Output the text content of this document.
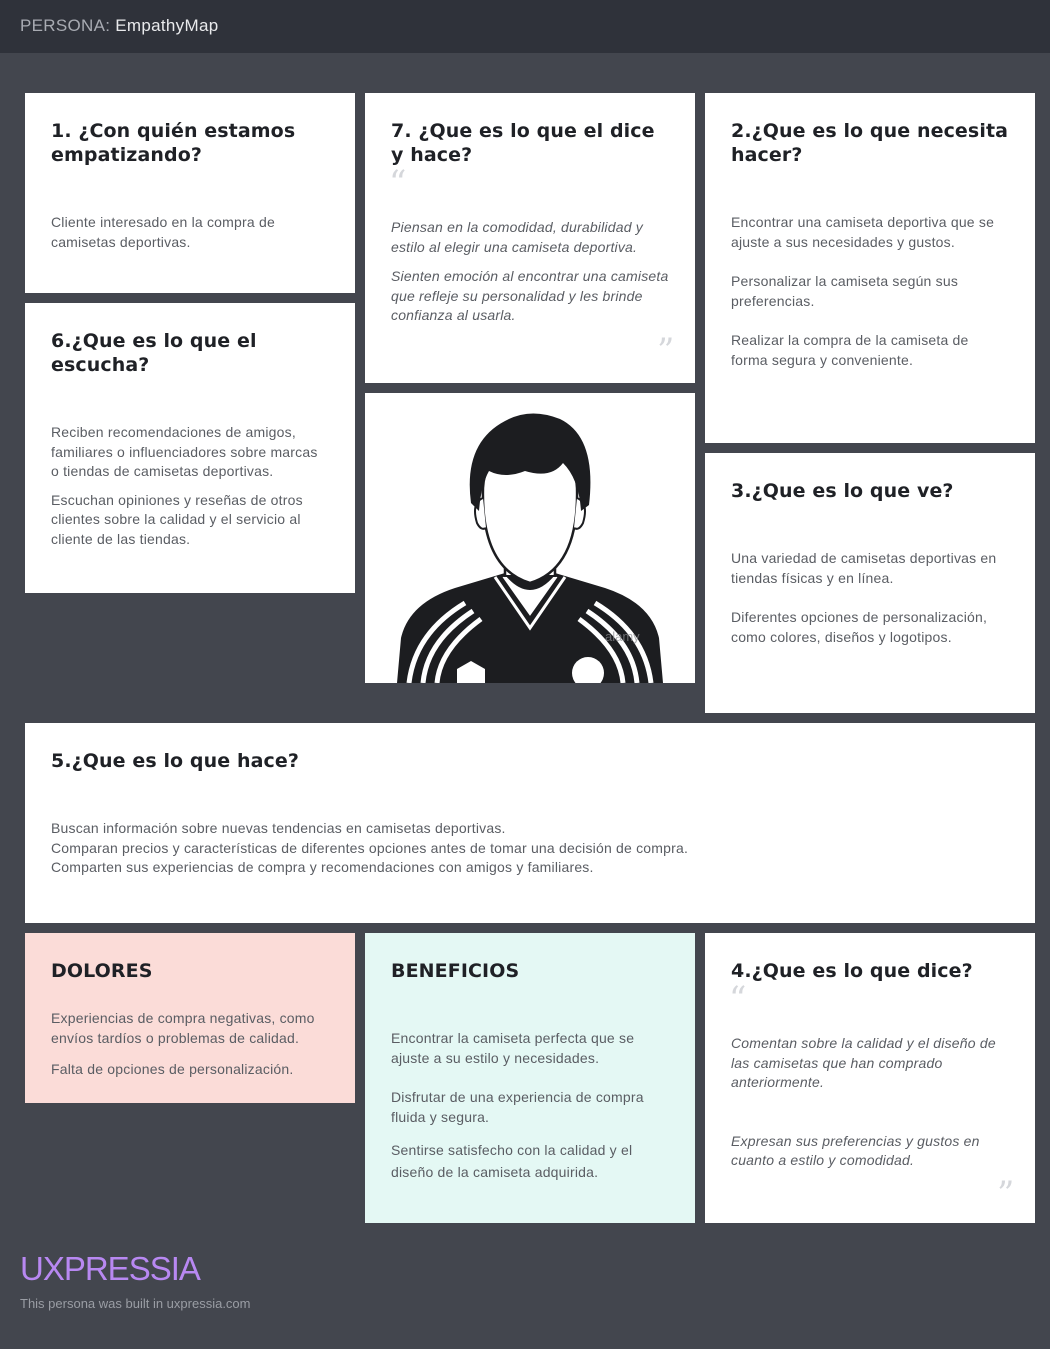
PERSONA: EmpathyMap
1. ¿Con quién estamos empatizando?

Cliente interesado en la compra de camisetas deportivas.

7. ¿Que es lo que el dice y hace?
“

Piensan en la comodidad, durabilidad y estilo al elegir una camiseta deportiva.

Sienten emoción al encontrar una camiseta que refleje su personalidad y les brinde confianza al usarla.

”
2.¿Que es lo que necesita hacer?

Encontrar una camiseta deportiva que se ajuste a sus necesidades y gustos.

Personalizar la camiseta según sus preferencias.

Realizar la compra de la camiseta de forma segura y conveniente.

6.¿Que es lo que el escucha?

Reciben recomendaciones de amigos, familiares o influenciadores sobre marcas o tiendas de camisetas deportivas.

Escuchan opiniones y reseñas de otros clientes sobre la calidad y el servicio al cliente de las tiendas.

alamy
3.¿Que es lo que ve?

Una variedad de camisetas deportivas en tiendas físicas y en línea.

Diferentes opciones de personalización, como colores, diseños y logotipos.

5.¿Que es lo que hace?

Buscan información sobre nuevas tendencias en camisetas deportivas.

Comparan precios y características de diferentes opciones antes de tomar una decisión de compra.

Comparten sus experiencias de compra y recomendaciones con amigos y familiares.

DOLORES

Experiencias de compra negativas, como envíos tardíos o problemas de calidad.

Falta de opciones de personalización.

BENEFICIOS

Encontrar la camiseta perfecta que se ajuste a su estilo y necesidades.

Disfrutar de una experiencia de compra fluida y segura.

Sentirse satisfecho con la calidad y el diseño de la camiseta adquirida.

4.¿Que es lo que dice?
“

Comentan sobre la calidad y el diseño de las camisetas que han comprado anteriormente.

Expresan sus preferencias y gustos en cuanto a estilo y comodidad.

”
UXPRESSIA
This persona was built in uxpressia.com
